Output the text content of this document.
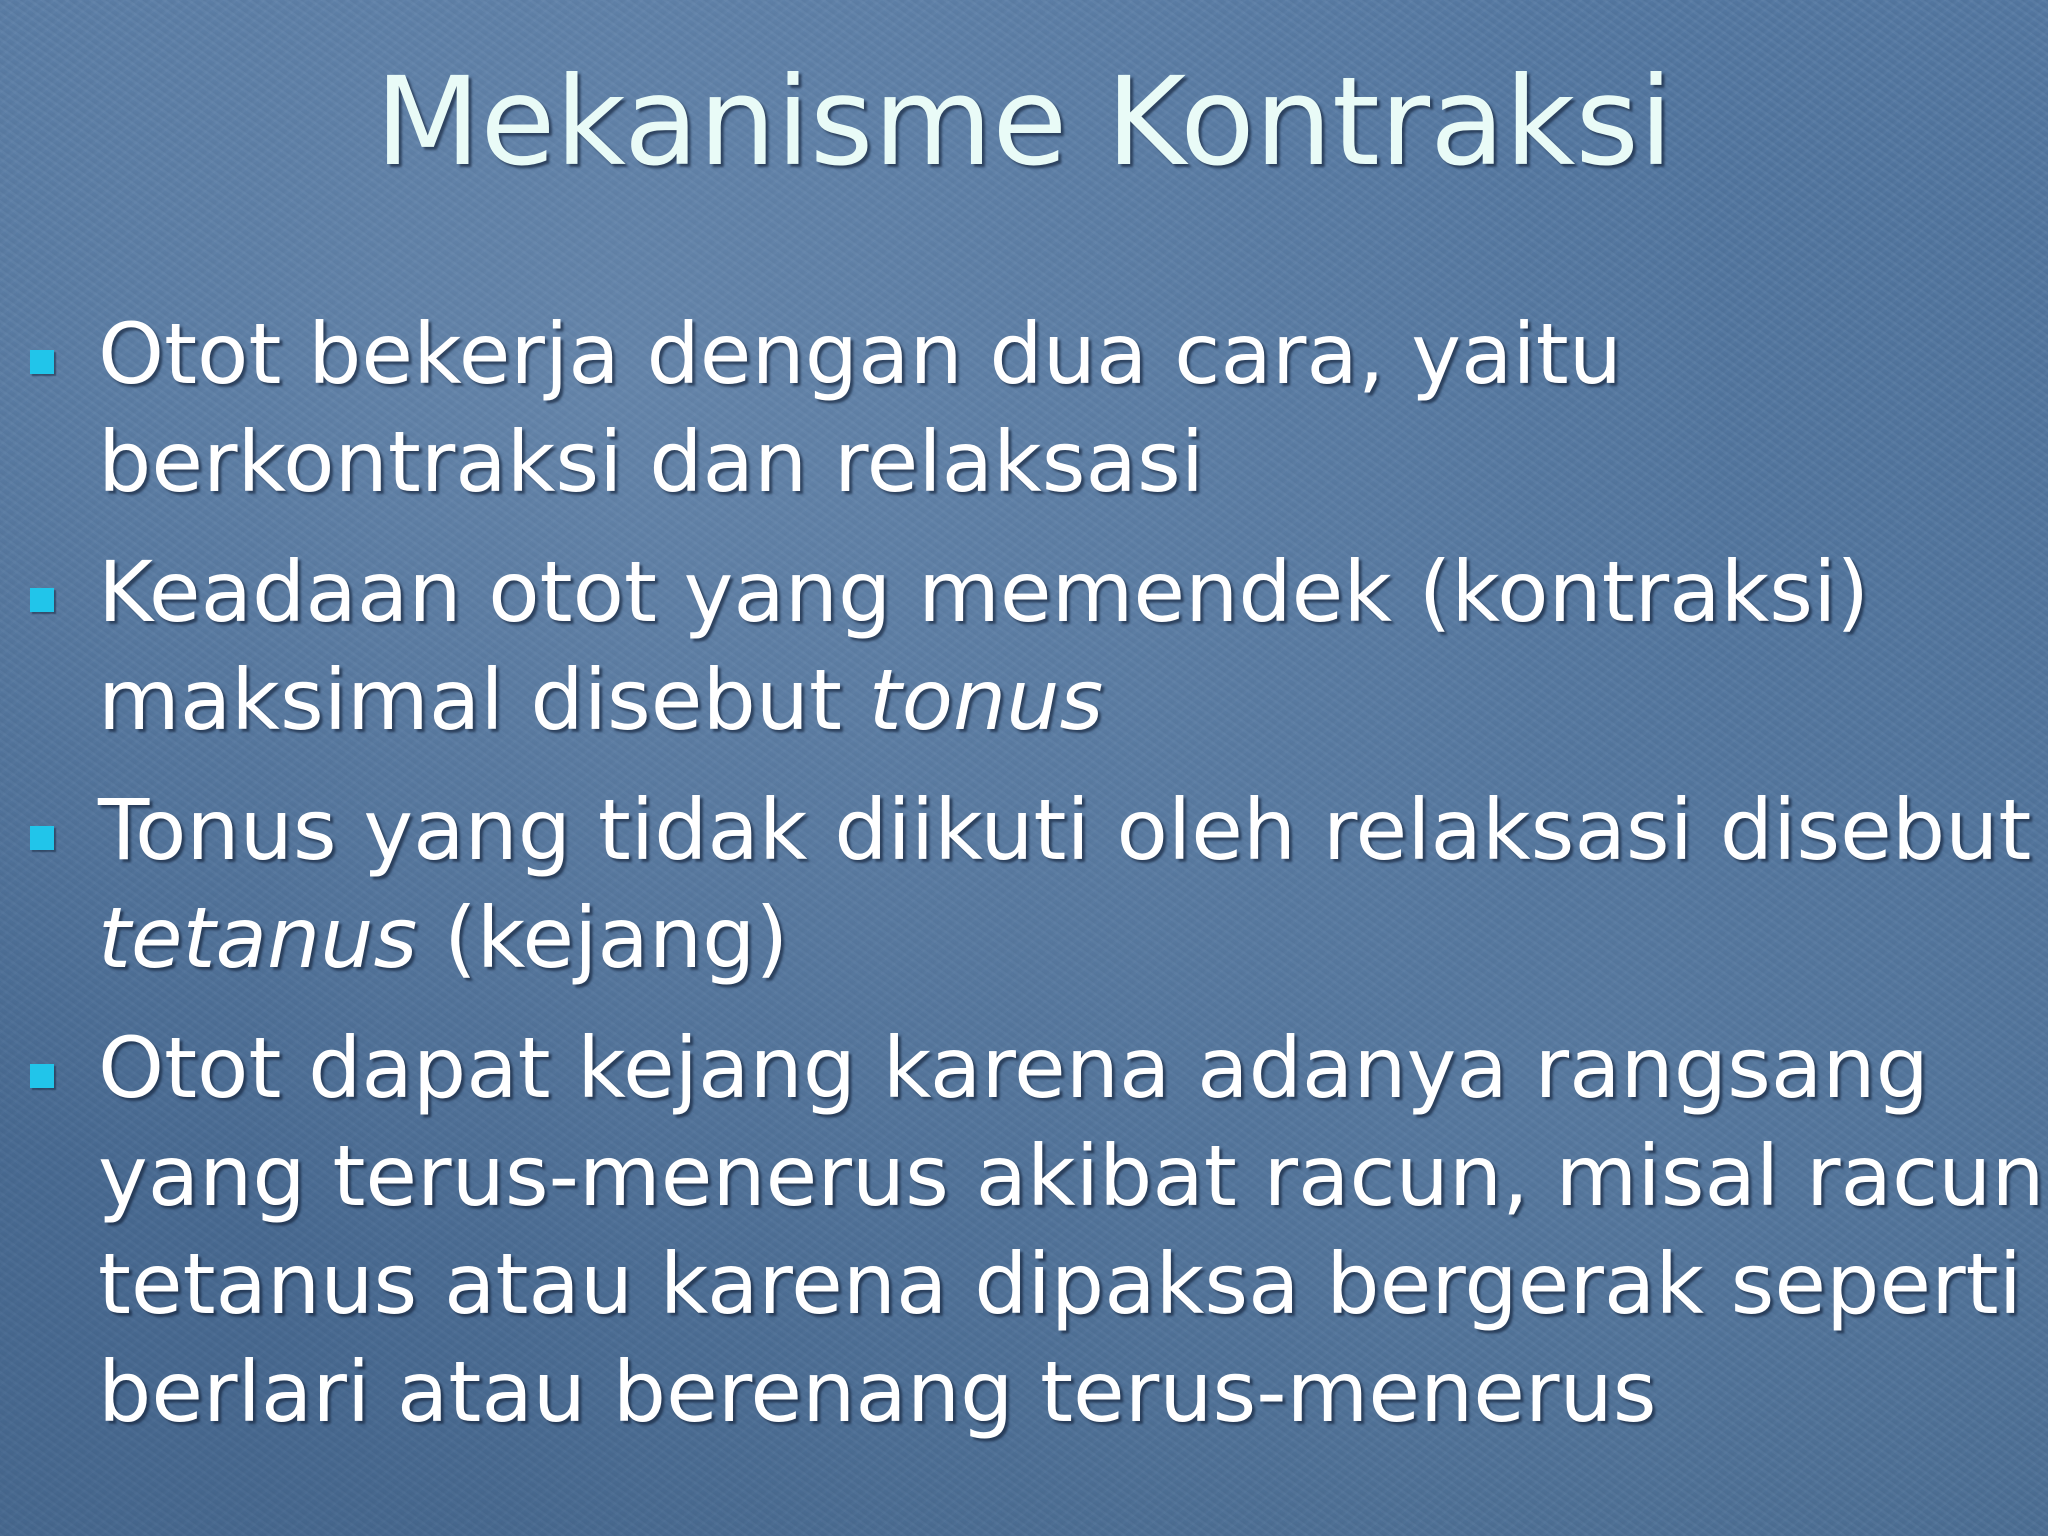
Mekanisme Kontraksi
Otot bekerja dengan dua cara, yaitu
berkontraksi dan relaksasi
Keadaan otot yang memendek (kontraksi)
maksimal disebut tonus
Tonus yang tidak diikuti oleh relaksasi disebut
tetanus (kejang)
Otot dapat kejang karena adanya rangsang
yang terus-menerus akibat racun, misal racun
tetanus atau karena dipaksa bergerak seperti
berlari atau berenang terus-menerus
